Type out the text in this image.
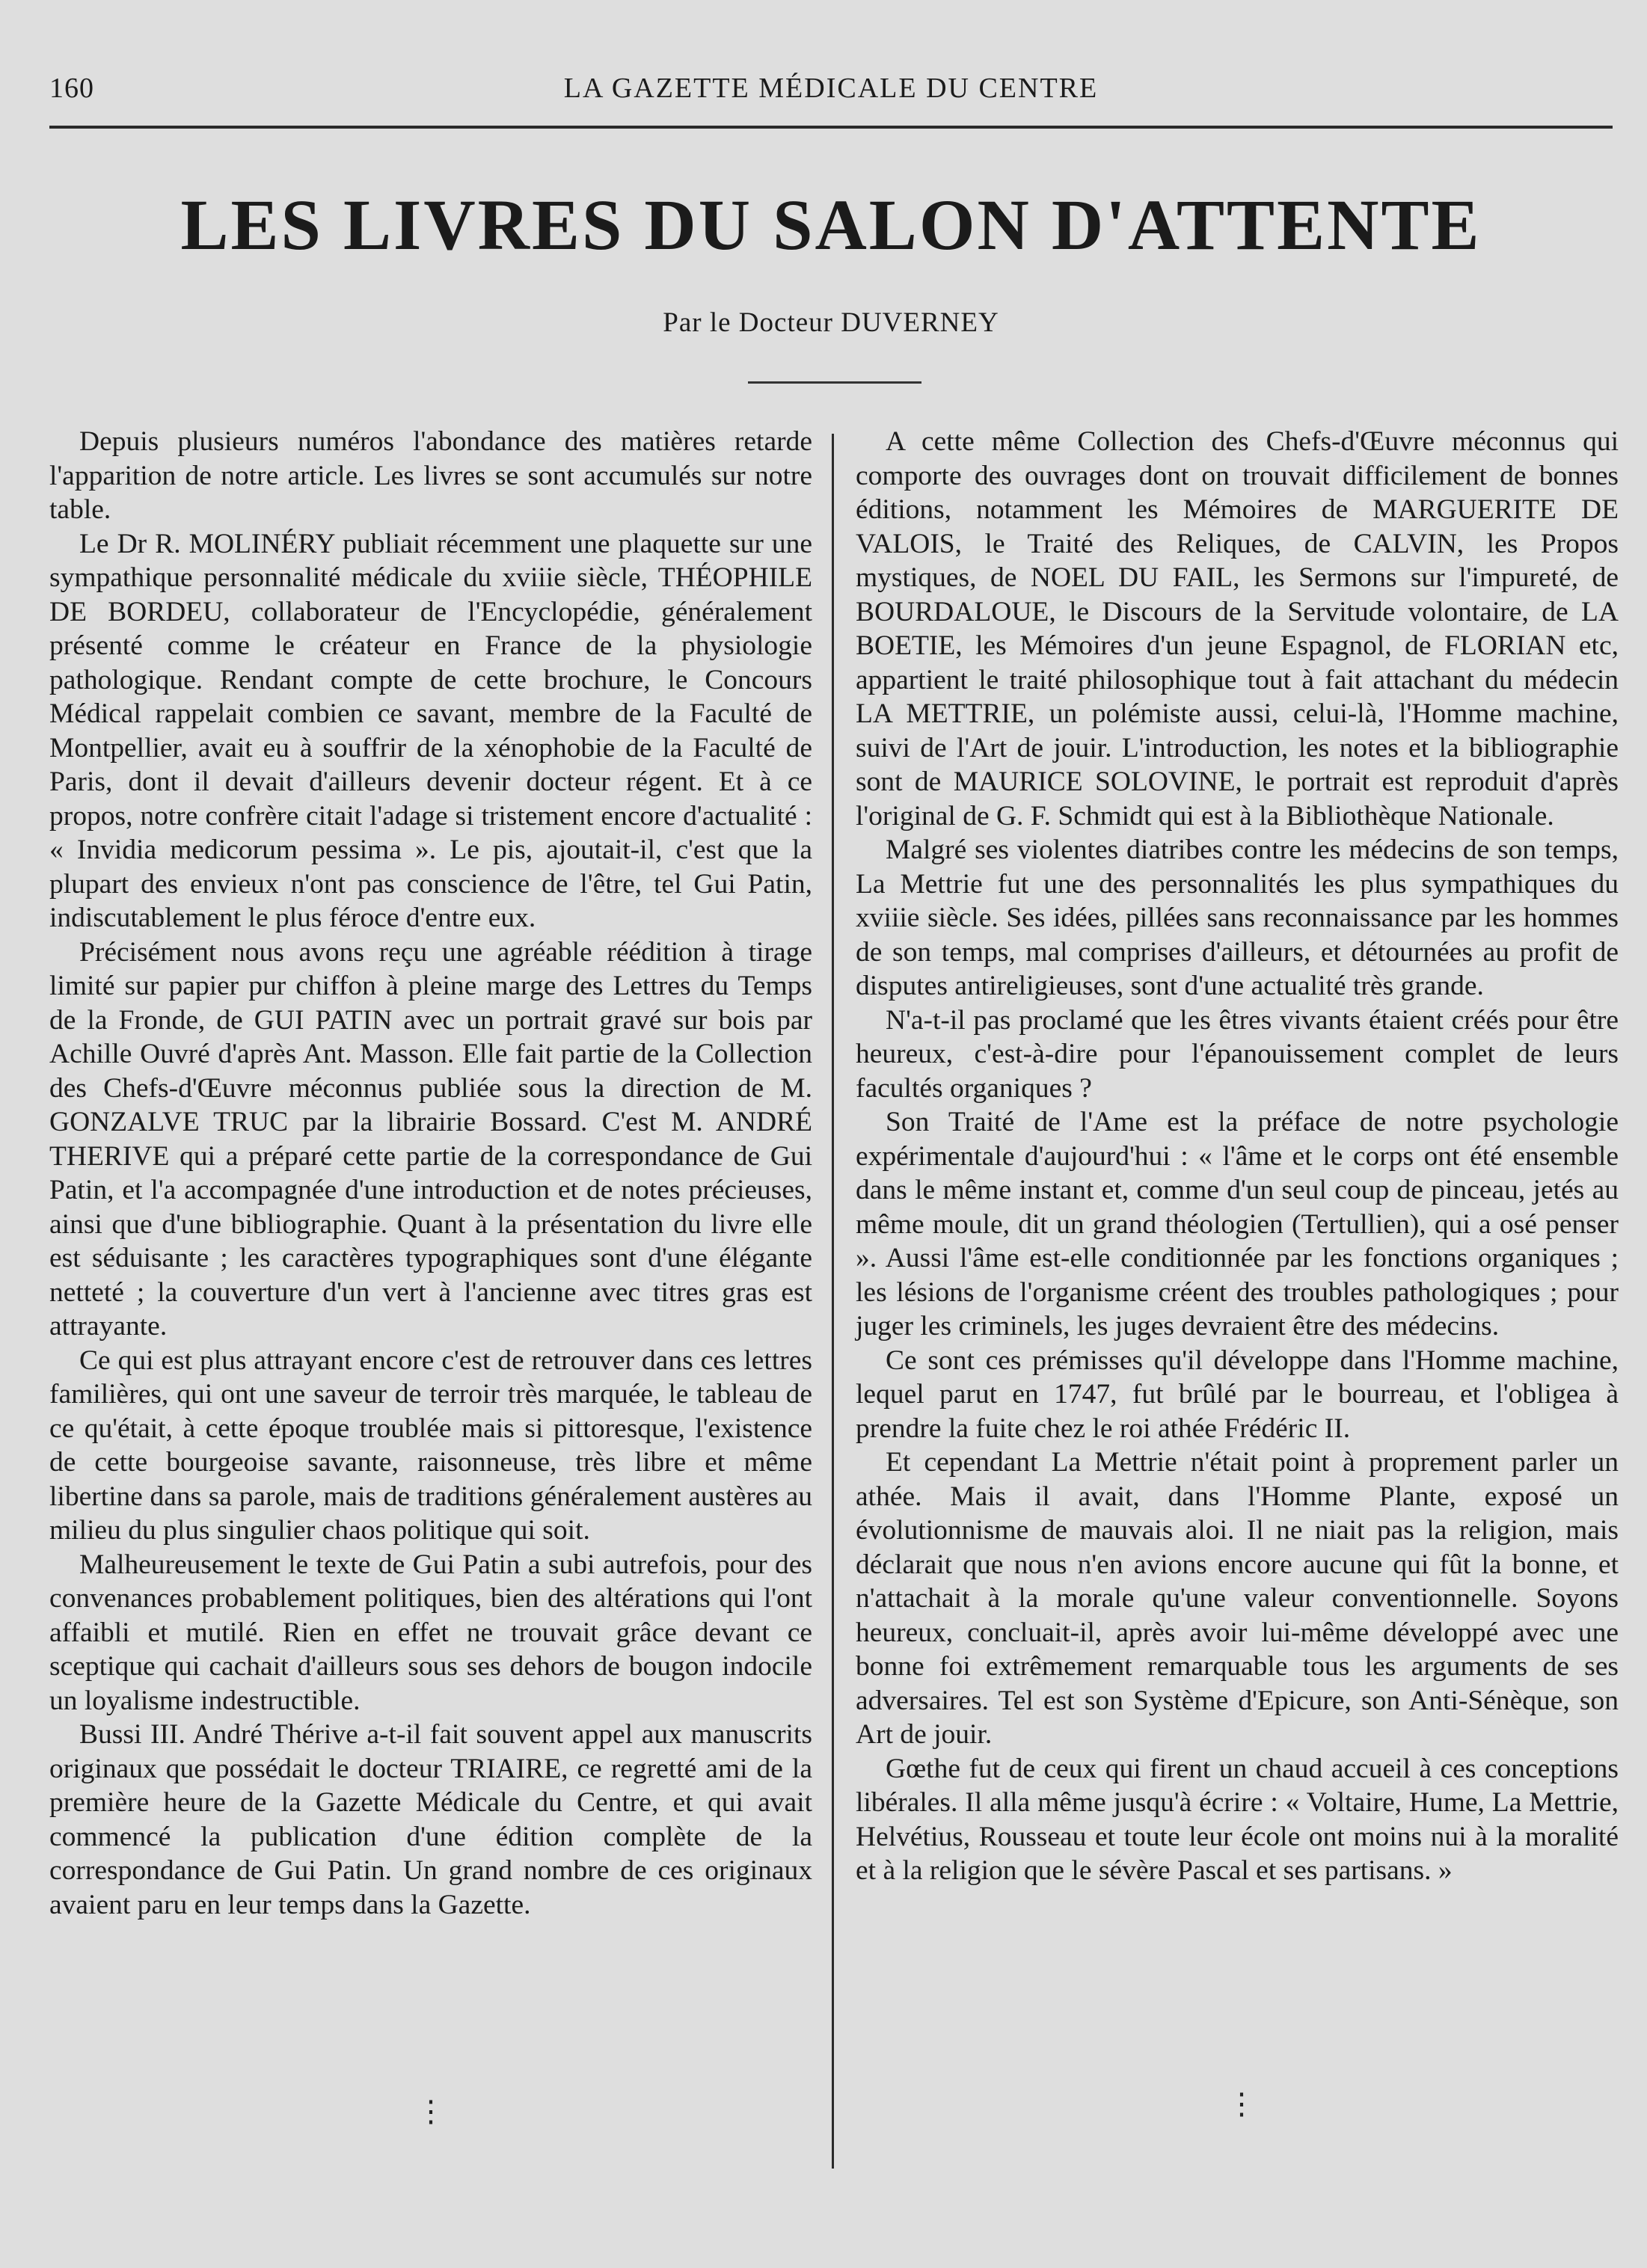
160	LA GAZETTE MÉDICALE DU CENTRE
LES LIVRES DU SALON D'ATTENTE
Par le Docteur DUVERNEY

Depuis plusieurs numéros l'abondance des matières retarde l'apparition de notre article. Les livres se sont accumulés sur notre table.

Le Dr R. MOLINÉRY publiait récemment une plaquette sur une sympathique personnalité médicale du xviiie siècle, THÉOPHILE DE BORDEU, collaborateur de l'Encyclopédie, généralement présenté comme le créateur en France de la physiologie pathologique. Rendant compte de cette brochure, le Concours Médical rappelait combien ce savant, membre de la Faculté de Montpellier, avait eu à souffrir de la xénophobie de la Faculté de Paris, dont il devait d'ailleurs devenir docteur régent. Et à ce propos, notre confrère citait l'adage si tristement encore d'actualité : « Invidia medicorum pessima ». Le pis, ajoutait-il, c'est que la plupart des envieux n'ont pas conscience de l'être, tel Gui Patin, indiscutablement le plus féroce d'entre eux.

Précisément nous avons reçu une agréable réédition à tirage limité sur papier pur chiffon à pleine marge des Lettres du Temps de la Fronde, de GUI PATIN avec un portrait gravé sur bois par Achille Ouvré d'après Ant. Masson. Elle fait partie de la Collection des Chefs-d'Œuvre méconnus publiée sous la direction de M. GONZALVE TRUC par la librairie Bossard. C'est M. ANDRÉ THERIVE qui a préparé cette partie de la correspondance de Gui Patin, et l'a accompagnée d'une introduction et de notes précieuses, ainsi que d'une bibliographie. Quant à la présentation du livre elle est séduisante ; les caractères typographiques sont d'une élégante netteté ; la couverture d'un vert à l'ancienne avec titres gras est attrayante.

Ce qui est plus attrayant encore c'est de retrouver dans ces lettres familières, qui ont une saveur de terroir très marquée, le tableau de ce qu'était, à cette époque troublée mais si pittoresque, l'existence de cette bourgeoise savante, raisonneuse, très libre et même libertine dans sa parole, mais de traditions généralement austères au milieu du plus singulier chaos politique qui soit.

Malheureusement le texte de Gui Patin a subi autrefois, pour des convenances probablement politiques, bien des altérations qui l'ont affaibli et mutilé. Rien en effet ne trouvait grâce devant ce sceptique qui cachait d'ailleurs sous ses dehors de bougon indocile un loyalisme indestructible.

Bussi III. André Thérive a-t-il fait souvent appel aux manuscrits originaux que possédait le docteur TRIAIRE, ce regretté ami de la première heure de la Gazette Médicale du Centre, et qui avait commencé la publication d'une édition complète de la correspondance de Gui Patin. Un grand nombre de ces originaux avaient paru en leur temps dans la Gazette.

A cette même Collection des Chefs-d'Œuvre méconnus qui comporte des ouvrages dont on trouvait difficilement de bonnes éditions, notamment les Mémoires de MARGUERITE DE VALOIS, le Traité des Reliques, de CALVIN, les Propos mystiques, de NOEL DU FAIL, les Sermons sur l'impureté, de BOURDALOUE, le Discours de la Servitude volontaire, de LA BOETIE, les Mémoires d'un jeune Espagnol, de FLORIAN etc, appartient le traité philosophique tout à fait attachant du médecin LA METTRIE, un polémiste aussi, celui-là, l'Homme machine, suivi de l'Art de jouir. L'introduction, les notes et la bibliographie sont de MAURICE SOLOVINE, le portrait est reproduit d'après l'original de G. F. Schmidt qui est à la Bibliothèque Nationale.

Malgré ses violentes diatribes contre les médecins de son temps, La Mettrie fut une des personnalités les plus sympathiques du xviiie siècle. Ses idées, pillées sans reconnaissance par les hommes de son temps, mal comprises d'ailleurs, et détournées au profit de disputes antireligieuses, sont d'une actualité très grande.

N'a-t-il pas proclamé que les êtres vivants étaient créés pour être heureux, c'est-à-dire pour l'épanouissement complet de leurs facultés organiques ?

Son Traité de l'Ame est la préface de notre psychologie expérimentale d'aujourd'hui : « l'âme et le corps ont été ensemble dans le même instant et, comme d'un seul coup de pinceau, jetés au même moule, dit un grand théologien (Tertullien), qui a osé penser ». Aussi l'âme est-elle conditionnée par les fonctions organiques ; les lésions de l'organisme créent des troubles pathologiques ; pour juger les criminels, les juges devraient être des médecins.

Ce sont ces prémisses qu'il développe dans l'Homme machine, lequel parut en 1747, fut brûlé par le bourreau, et l'obligea à prendre la fuite chez le roi athée Frédéric II.

Et cependant La Mettrie n'était point à proprement parler un athée. Mais il avait, dans l'Homme Plante, exposé un évolutionnisme de mauvais aloi. Il ne niait pas la religion, mais déclarait que nous n'en avions encore aucune qui fût la bonne, et n'attachait à la morale qu'une valeur conventionnelle. Soyons heureux, concluait-il, après avoir lui-même développé avec une bonne foi extrêmement remarquable tous les arguments de ses adversaires. Tel est son Système d'Epicure, son Anti-Sénèque, son Art de jouir.

Gœthe fut de ceux qui firent un chaud accueil à ces conceptions libérales. Il alla même jusqu'à écrire : « Voltaire, Hume, La Mettrie, Helvétius, Rousseau et toute leur école ont moins nui à la moralité et à la religion que le sévère Pascal et ses partisans. »

⋮	⋮
